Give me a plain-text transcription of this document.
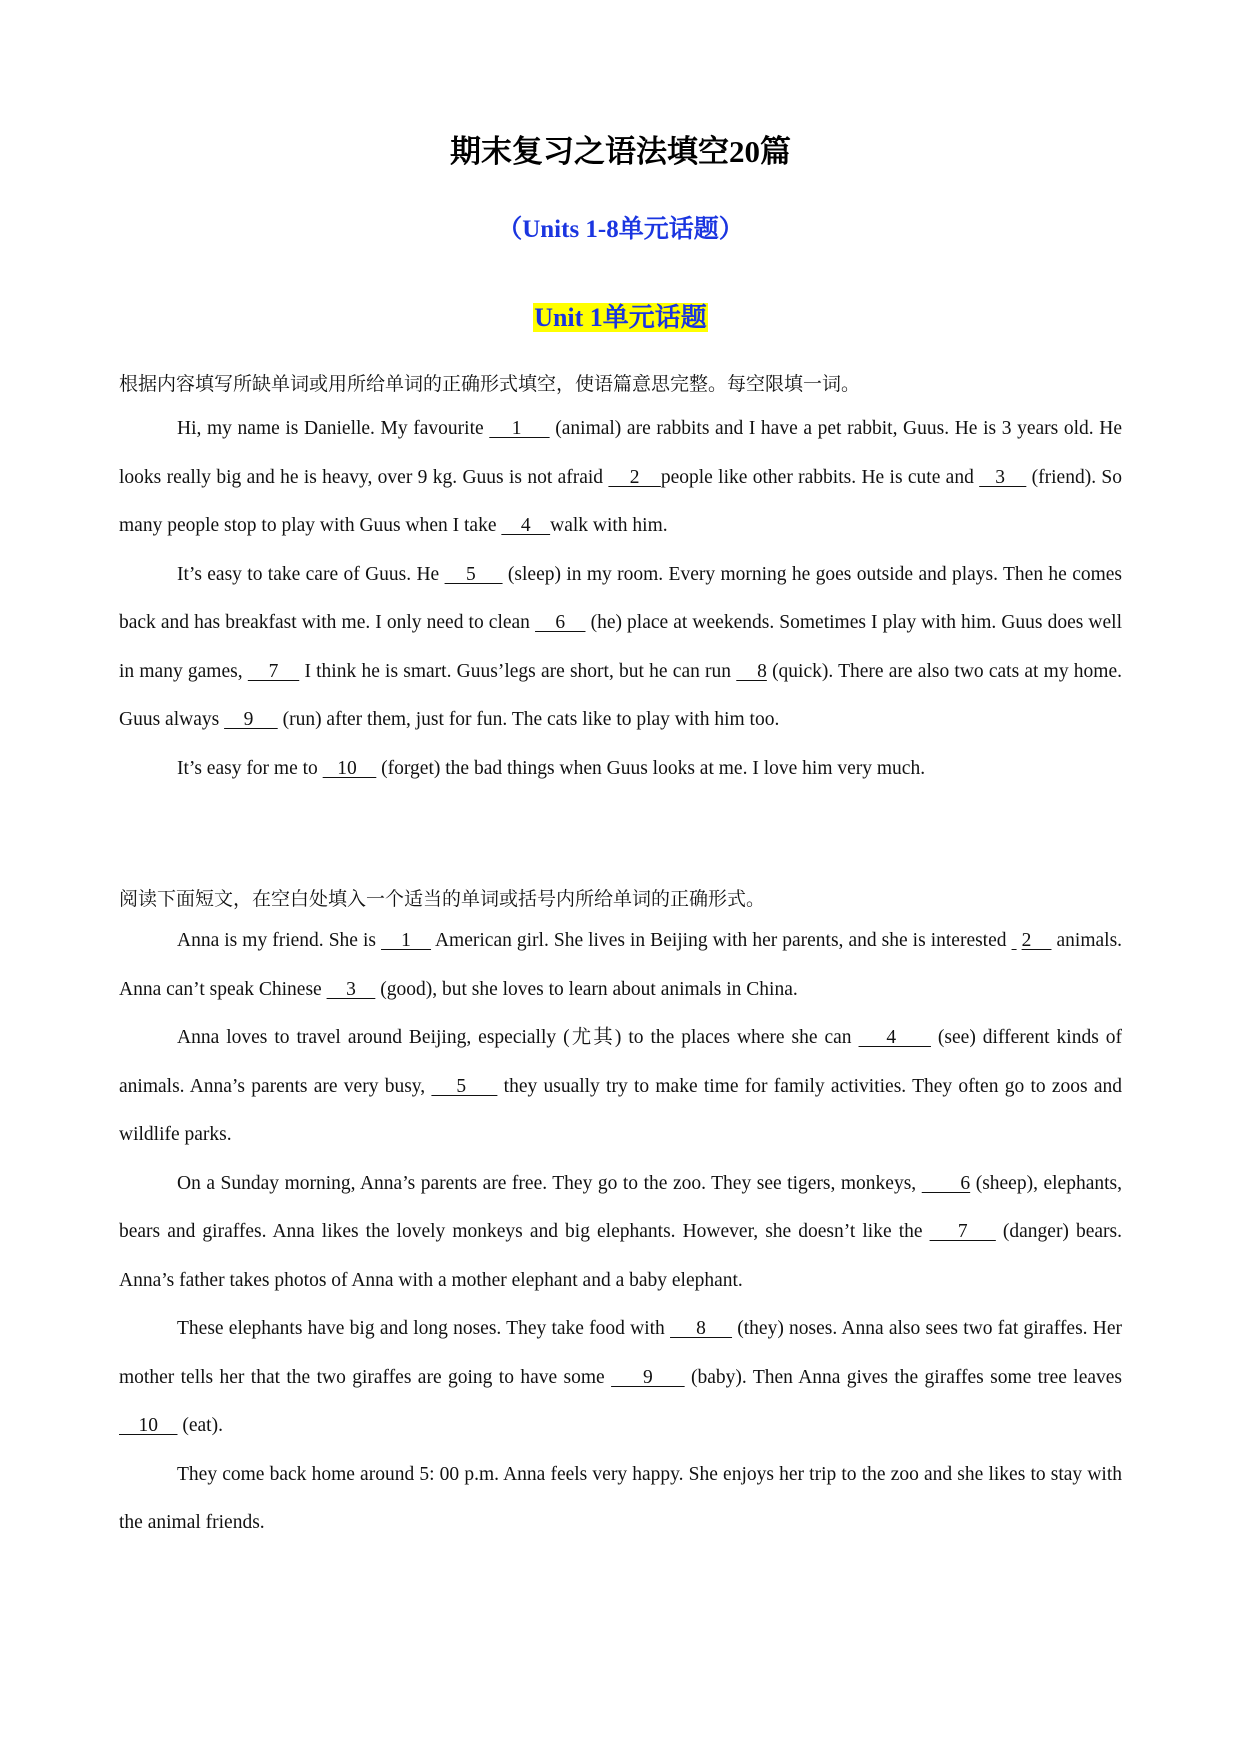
期末复习之语法填空20篇
（Units 1-8单元话题）
Unit 1单元话题
根据内容填写所缺单词或用所给单词的正确形式填空，使语篇意思完整。每空限填一词。

Hi, my name is Danielle. My favourite     1      (animal) are rabbits and I have a pet rabbit, Guus. He is 3 years old. He looks really big and he is heavy, over 9 kg. Guus is not afraid     2    people like other rabbits. He is cute and    3     (friend). So many people stop to play with Guus when I take     4    walk with him.

It’s easy to take care of Guus. He     5      (sleep) in my room. Every morning he goes outside and plays. Then he comes back and has breakfast with me. I only need to clean     6     (he) place at weekends. Sometimes I play with him. Guus does well in many games,     7     I think he is smart. Guus’legs are short, but he can run     8 (quick). There are also two cats at my home. Guus always     9      (run) after them, just for fun. The cats like to play with him too.

It’s easy for me to    10     (forget) the bad things when Guus looks at me. I love him very much.

阅读下面短文，在空白处填入一个适当的单词或括号内所给单词的正确形式。

Anna is my friend. She is     1     American girl. She lives in Beijing with her parents, and she is interested   2     animals. Anna can’t speak Chinese     3     (good), but she loves to learn about animals in China.

Anna loves to travel around Beijing, especially (尤其) to the places where she can     4      (see) different kinds of animals. Anna’s parents are very busy,     5      they usually try to make time for family activities. They often go to zoos and wildlife parks.

On a Sunday morning, Anna’s parents are free. They go to the zoo. They see tigers, monkeys,        6 (sheep), elephants, bears and giraffes. Anna likes the lovely monkeys and big elephants. However, she doesn’t like the     7     (danger) bears. Anna’s father takes photos of Anna with a mother elephant and a baby elephant.

These elephants have big and long noses. They take food with      8      (they) noses. Anna also sees two fat giraffes. Her mother tells her that the two giraffes are going to have some      9      (baby). Then Anna gives the giraffes some tree leaves     10     (eat).

They come back home around 5: 00 p.m. Anna feels very happy. She enjoys her trip to the zoo and she likes to stay with the animal friends.
